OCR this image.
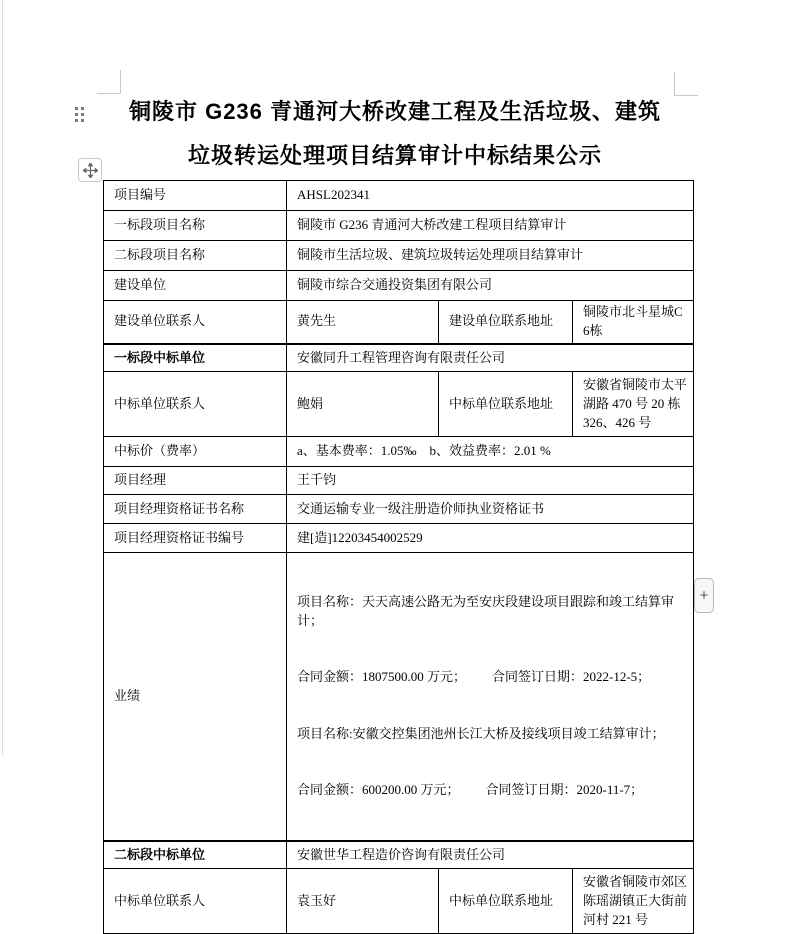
铜陵市 G236 青通河大桥改建工程及生活垃圾、建筑
垃圾转运处理项目结算审计中标结果公示
项目编号	AHSL202341		
一标段项目名称	铜陵市 G236 青通河大桥改建工程项目结算审计		
二标段项目名称	铜陵市生活垃圾、建筑垃圾转运处理项目结算审计		
建设单位	铜陵市综合交通投资集团有限公司		
建设单位联系人	黄先生	建设单位联系地址	铜陵市北斗星城C6栋
一标段中标单位	安徽同升工程管理咨询有限责任公司		
中标单位联系人	鲍娟	中标单位联系地址	安徽省铜陵市太平湖路 470 号 20 栋 326、426 号
中标价（费率）	a、基本费率：1.05‰    b、效益费率：2.01 %		
项目经理	王千钧		
项目经理资格证书名称	交通运输专业一级注册造价师执业资格证书		
项目经理资格证书编号	建[造]12203454002529		
业绩	项目名称：天天高速公路无为至安庆段建设项目跟踪和竣工结算审计；

合同金额：1807500.00 万元；        合同签订日期：2022-12-5；

项目名称:安徽交控集团池州长江大桥及接线项目竣工结算审计；

合同金额：600200.00 万元；        合同签订日期：2020-11-7；		

二标段中标单位	安徽世华工程造价咨询有限责任公司		
中标单位联系人	袁玉好	中标单位联系地址	安徽省铜陵市郊区陈瑶湖镇正大街前河村 221 号
+
